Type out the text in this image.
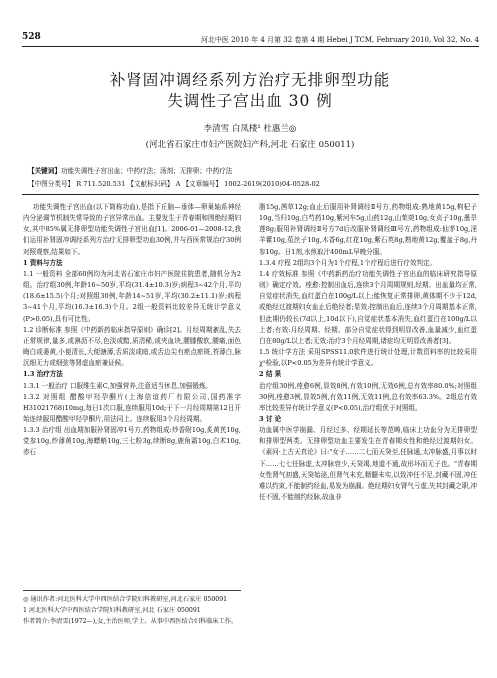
528	河北中医 2010 年 4 月第 32 卷第 4 期 Hebei J TCM, February 2010, Vol 32, No. 4
补肾固冲调经系列方治疗无排卵型功能
失调性子宫出血 30 例
李清雪 白凤楼¹ 杜惠兰◎
(河北省石家庄市妇产医院妇产科,河北 石家庄 050011)
【关键词】功能失调性子宫出血；中药疗法；汤剂；无排卵；中药疗法
【中图分类号】 R 711.520.531 【文献标识码】 A 【文章编号】 1002-2619(2010)04-0528-02

功能失调性子宫出血(以下简称功血),是指下丘脑—垂体—卵巢轴系神经内分泌调节机制失常导致的子宫异常出血。主要发生于青春期和围绝经期妇女,其中85%属无排卵型功能失调性子宫出血[1]。2006-01—2008-12,我们运用补肾固冲调经系列方治疗无排卵型功血30例,并与西医常规治疗30例对照观察,结果如下。

1 资料与方法

1.1 一般资料 全部60例均为河北省石家庄市妇产医院住院患者,随机分为2组。治疗组30例,年龄16~50岁,平均(31.4±10.3)岁;病程3~42个月,平均(18.6±15.5)个月;对照组30例,年龄14~51岁,平均(30.2±11.1)岁;病程3~41个月,平均(16.3±16.3)个月。2组一般资料比较差异无统计学意义(P>0.05),具有可比性。

1.2 诊断标准 参照《中药新药临床指导原则》确诊[2]。月经周期紊乱,失去正常规律,量多,或淋沥不尽,色淡或黯,质清稀,或夹血块,腰膝酸软,腰痛,面色晦白或萎黄,小便清长,大便溏薄,舌质淡或暗,或舌边尖有瘀点瘀斑,苔薄白,脉沉细无力或细弦等肾虚血瘀兼证候。

1.3 治疗方法

1.3.1 一般治疗 口服维生素C,加强营养,注意适当休息,加强锻炼。

1.3.2 对照组 醋酸甲羟孕酮片(上海信谊药厂有限公司,国药准字H31021768)10mg,每日1次口服,连续服用10d;于下一月经周期第12日开始连续服用醋酸甲羟孕酮片,用法同上。连续服用3个月经周期。

1.3.3 治疗组 出血期加服补肾固冲1号方,药物组成:炒香附10g,炙黄芪10g,党参10g,炒薄黄10g,海螵蛸10g,三七粉3g,续断8g,鹿角霜10g,白术10g,赤石

脂15g,茜草12g;血止后服用补肾调经Ⅱ号方,药物组成:熟地黄15g,枸杞子10g,当归10g,白芍药10g,紫河车5g,山药12g,山茱萸10g,女贞子10g,墨旱莲8g;服用补肾调经Ⅱ号方7d后改服补肾调经Ⅲ号方,药物组成:仙茅10g,淫羊藿10g,菟丝子10g,木香6g,红花10g,紫石英8g,熟地黄12g,覆盆子8g,丹参10g。日1剂,水煎取汁400mL早晚分服。

1.3.4 疗程 2组均3个月为1个疗程,1个疗程后进行疗效判定。

1.4 疗效标准 参照《中药新药治疗功能失调性子宫出血的临床研究指导原则》确定疗效。痊愈:控制出血后,连续3个月周期规则,经期、出血量均正常,自觉症状消失,血红蛋白在100g/L以上;能恢复正常排卵,黄体期不少于12d,或绝经过渡期妇女血止后绝经者;显效:控制出血后,连续3个月周期基本正常,但此期仍较长(7d以上,10d以下),自觉症状基本消失,血红蛋白在100g/L以上者;有效:月经周期、经期、部分自觉症状得到明显改善,血量减少,血红蛋白在80g/L以上者;无效:治疗3个月经周期,诸症均无明显改善者[3]。

1.5 统计学方法 采用SPSS11.0软件进行统计处理,计数资料率的比较采用χ²检验,以P<0.05为差异有统计学意义。

2 结 果

治疗组30例,痊愈6例,显效8例,有效10例,无效6例,总有效率80.0%;对照组30例,痊愈3例,显效5例,有效11例,无效11例,总有效率63.3%。2组总有效率比较差异有统计学意义(P<0.05),治疗组优于对照组。

3 讨 论

功血属中医学崩漏、月经过多、经期延长等范畴,临床上功血分为无排卵型和排卵型两类。无排卵型功血主要发生在青春期女性和绝经过渡期妇女。《素问·上古天真论》曰:"女子……二七而天癸至,任脉通,太冲脉盛,月事以时下……七七任脉虚,太冲脉衰少,天癸竭,地道不通,故形坏而无子也。"青春期女性肾气初盛,天癸始泌,但肾气未充,精髓未实,以致冲任不足,封藏不固,冲任难以约束,不能制约经血,易发为崩漏。绝经期妇女肾气亏虚,失其封藏之职,冲任不固,不能制约经脉,故血非

◎ 通讯作者:河北医科大学中西医结合学院妇科教研室,河北石家庄 050091

1 河北医科大学中西医结合学院妇科教研室,河北 石家庄 050091

作者简介:李清雪(1972—),女,主治医师,学士。从事中西医结合妇科临床工作。
